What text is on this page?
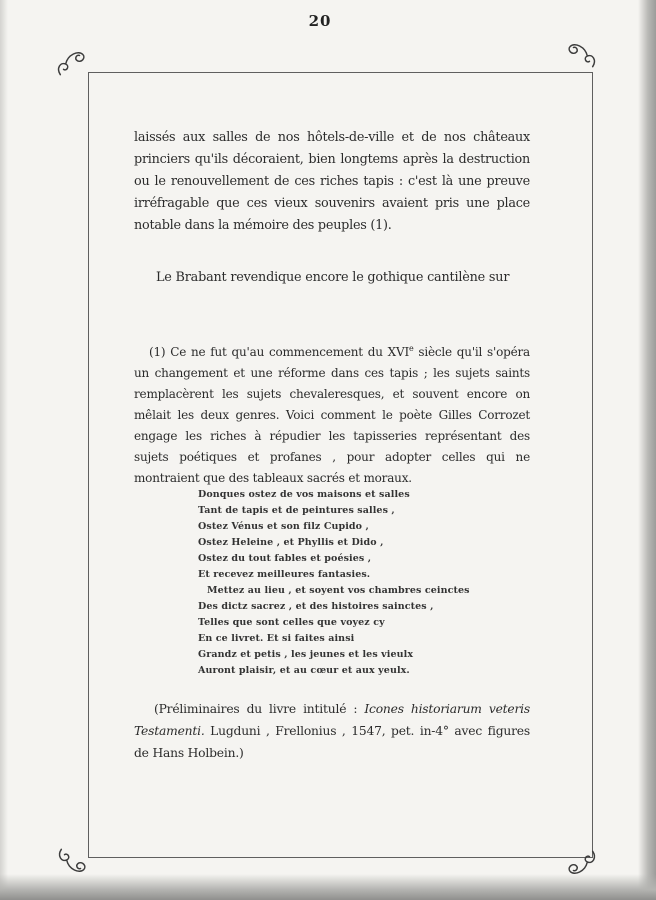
20

laissés aux salles de nos hôtels-de-ville et de nos châteaux princiers qu'ils décoraient, bien longtems après la destruction ou le renouvellement de ces riches tapis : c'est là une preuve irréfragable que ces vieux souvenirs avaient pris une place notable dans la mémoire des peuples (1).

Le Brabant revendique encore le gothique cantilène sur

(1) Ce ne fut qu'au commencement du XVIe siècle qu'il s'opéra un changement et une réforme dans ces tapis ; les sujets saints remplacèrent les sujets chevaleresques, et souvent encore on mêlait les deux genres. Voici comment le poète Gilles Corrozet engage les riches à répudier les tapisseries représentant des sujets poétiques et profanes , pour adopter celles qui ne montraient que des tableaux sacrés et moraux.

Donques ostez de vos maisons et salles
Tant de tapis et de peintures salles ,
Ostez Vénus et son filz Cupido ,
Ostez Heleine , et Phyllis et Dido ,
Ostez du tout fables et poésies ,
Et recevez meilleures fantasies.
Mettez au lieu , et soyent vos chambres ceinctes
Des dictz sacrez , et des histoires sainctes ,
Telles que sont celles que voyez cy
En ce livret. Et si faites ainsi
Grandz et petis , les jeunes et les vieulx
Auront plaisir, et au cœur et aux yeulx.

(Préliminaires du livre intitulé : Icones historiarum veteris Testamenti. Lugduni , Frellonius , 1547, pet. in-4° avec figures de Hans Holbein.)
